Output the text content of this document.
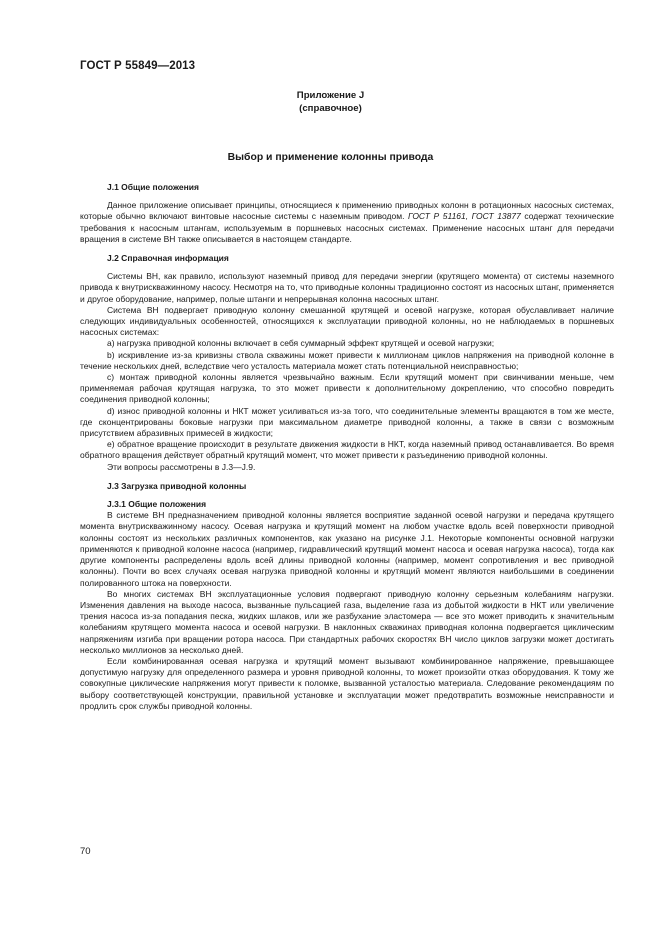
ГОСТ Р 55849—2013
Приложение J
(справочное)
Выбор и применение колонны привода
J.1 Общие положения

Данное приложение описывает принципы, относящиеся к применению приводных колонн в ротационных насосных системах, которые обычно включают винтовые насосные системы с наземным приводом. ГОСТ Р 51161, ГОСТ 13877 содержат технические требования к насосным штангам, используемым в поршневых насосных системах. Применение насосных штанг для передачи вращения в системе ВН также описывается в настоящем стандарте.

J.2 Справочная информация

Системы ВН, как правило, используют наземный привод для передачи энергии (крутящего момента) от системы наземного привода к внутрискважинному насосу. Несмотря на то, что приводные колонны традиционно состоят из насосных штанг, применяется и другое оборудование, например, полые штанги и непрерывная колонна насосных штанг.

Система ВН подвергает приводную колонну смешанной крутящей и осевой нагрузке, которая обуславливает наличие следующих индивидуальных особенностей, относящихся к эксплуатации приводной колонны, но не наблюдаемых в поршневых насосных системах:

а) нагрузка приводной колонны включает в себя суммарный эффект крутящей и осевой нагрузки;

b) искривление из-за кривизны ствола скважины может привести к миллионам циклов напряжения на приводной колонне в течение нескольких дней, вследствие чего усталость материала может стать потенциальной неисправностью;

c) монтаж приводной колонны является чрезвычайно важным. Если крутящий момент при свинчивании меньше, чем применяемая рабочая крутящая нагрузка, то это может привести к дополнительному докреплению, что способно повредить соединения приводной колонны;

d) износ приводной колонны и НКТ может усиливаться из-за того, что соединительные элементы вращаются в том же месте, где сконцентрированы боковые нагрузки при максимальном диаметре приводной колонны, а также в связи с возможным присутствием абразивных примесей в жидкости;

e) обратное вращение происходит в результате движения жидкости в НКТ, когда наземный привод останавливается. Во время обратного вращения действует обратный крутящий момент, что может привести к разъединению приводной колонны.

Эти вопросы рассмотрены в J.3—J.9.

J.3 Загрузка приводной колонны
J.3.1 Общие положения

В системе ВН предназначением приводной колонны является восприятие заданной осевой нагрузки и передача крутящего момента внутрискважинному насосу. Осевая нагрузка и крутящий момент на любом участке вдоль всей поверхности приводной колонны состоят из нескольких различных компонентов, как указано на рисунке J.1. Некоторые компоненты основной нагрузки применяются к приводной колонне насоса (например, гидравлический крутящий момент насоса и осевая нагрузка насоса), тогда как другие компоненты распределены вдоль всей длины приводной колонны (например, момент сопротивления и вес приводной колонны). Почти во всех случаях осевая нагрузка приводной колонны и крутящий момент являются наибольшими в соединении полированного штока на поверхности.

Во многих системах ВН эксплуатационные условия подвергают приводную колонну серьезным колебаниям нагрузки. Изменения давления на выходе насоса, вызванные пульсацией газа, выделение газа из добытой жидкости в НКТ или увеличение трения насоса из-за попадания песка, жидких шлаков, или же разбухание эластомера — все это может приводить к значительным колебаниям крутящего момента насоса и осевой нагрузки. В наклонных скважинах приводная колонна подвергается циклическим напряжениям изгиба при вращении ротора насоса. При стандартных рабочих скоростях ВН число циклов загрузки может достигать несколько миллионов за несколько дней.

Если комбинированная осевая нагрузка и крутящий момент вызывают комбинированное напряжение, превышающее допустимую нагрузку для определенного размера и уровня приводной колонны, то может произойти отказ оборудования. К тому же совокупные циклические напряжения могут привести к поломке, вызванной усталостью материала. Следование рекомендациям по выбору соответствующей конструкции, правильной установке и эксплуатации может предотвратить возможные неисправности и продлить срок службы приводной колонны.

70
